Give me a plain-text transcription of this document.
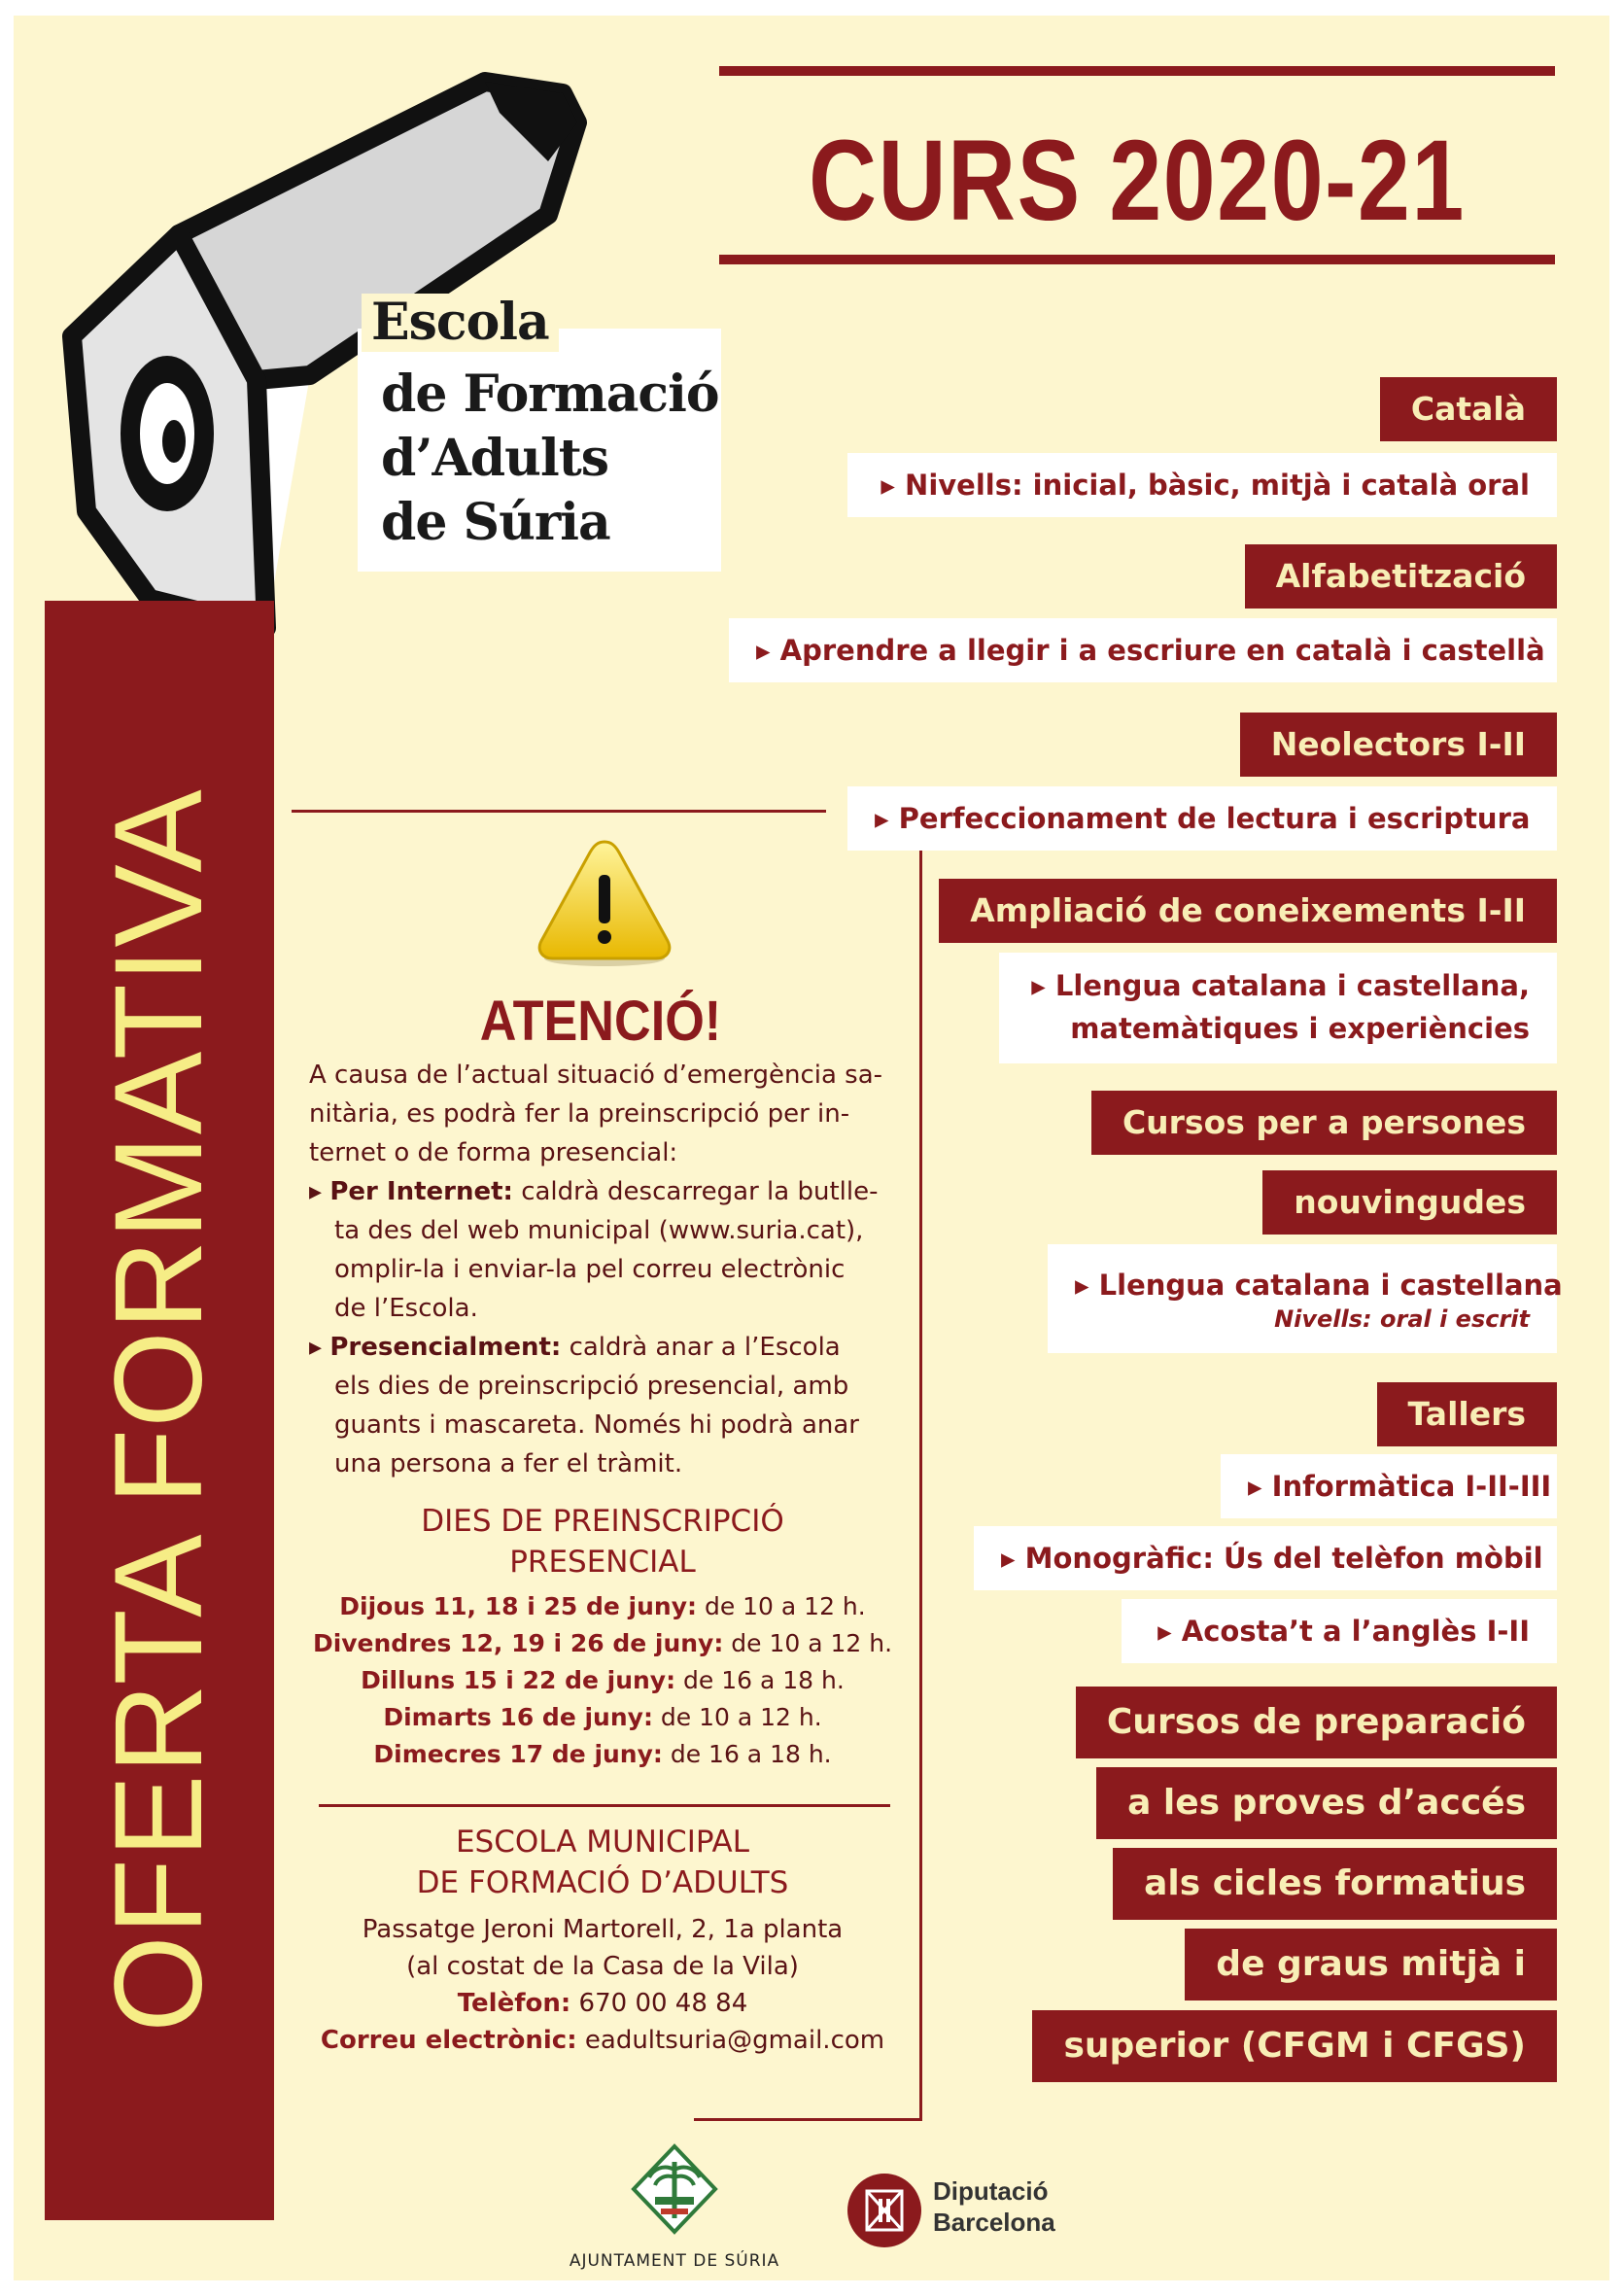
Escola
de Formació
d’Adults
de Súria
CURS 2020-21
OFERTA FORMATIVA	ATENCIÓ!
A causa de l’actual situació d’emergència sa-
nitària, es podrà fer la preinscripció per in-
ternet o de forma presencial:
▸ Per Internet: caldrà descarregar la butlle-
ta des del web municipal (www.suria.cat),
omplir-la i enviar-la pel correu electrònic
de l’Escola.
▸ Presencialment: caldrà anar a l’Escola
els dies de preinscripció presencial, amb
guants i mascareta. Només hi podrà anar
una persona a fer el tràmit.
DIES DE PREINSCRIPCIÓ
PRESENCIAL
Dijous 11, 18 i 25 de juny: de 10 a 12 h.
Divendres 12, 19 i 26 de juny: de 10 a 12 h.
Dilluns 15 i 22 de juny: de 16 a 18 h.
Dimarts 16 de juny: de 10 a 12 h.
Dimecres 17 de juny: de 16 a 18 h.
ESCOLA MUNICIPAL
DE FORMACIÓ D’ADULTS
Passatge Jeroni Martorell, 2, 1a planta
(al costat de la Casa de la Vila)
Telèfon: 670 00 48 84
Correu electrònic: eadultsuria@gmail.com
Català
▸ Nivells: inicial, bàsic, mitjà i català oral
Alfabetització
▸ Aprendre a llegir i a escriure en català i castellà
Neolectors I-II
▸ Perfeccionament de lectura i escriptura
Ampliació de coneixements I-II
▸ Llengua catalana i castellana,
matemàtiques i experiències
Cursos per a persones
nouvingudes
▸ Llengua catalana i castellana
Nivells: oral i escrit
Tallers
▸ Informàtica I-II-III
▸ Monogràfic: Ús del telèfon mòbil
▸ Acosta’t a l’anglès I-II
Cursos de preparació
a les proves d’accés
als cicles formatius
de graus mitjà i
superior (CFGM i CFGS)
AJUNTAMENT DE SÚRIA
Diputació
Barcelona
